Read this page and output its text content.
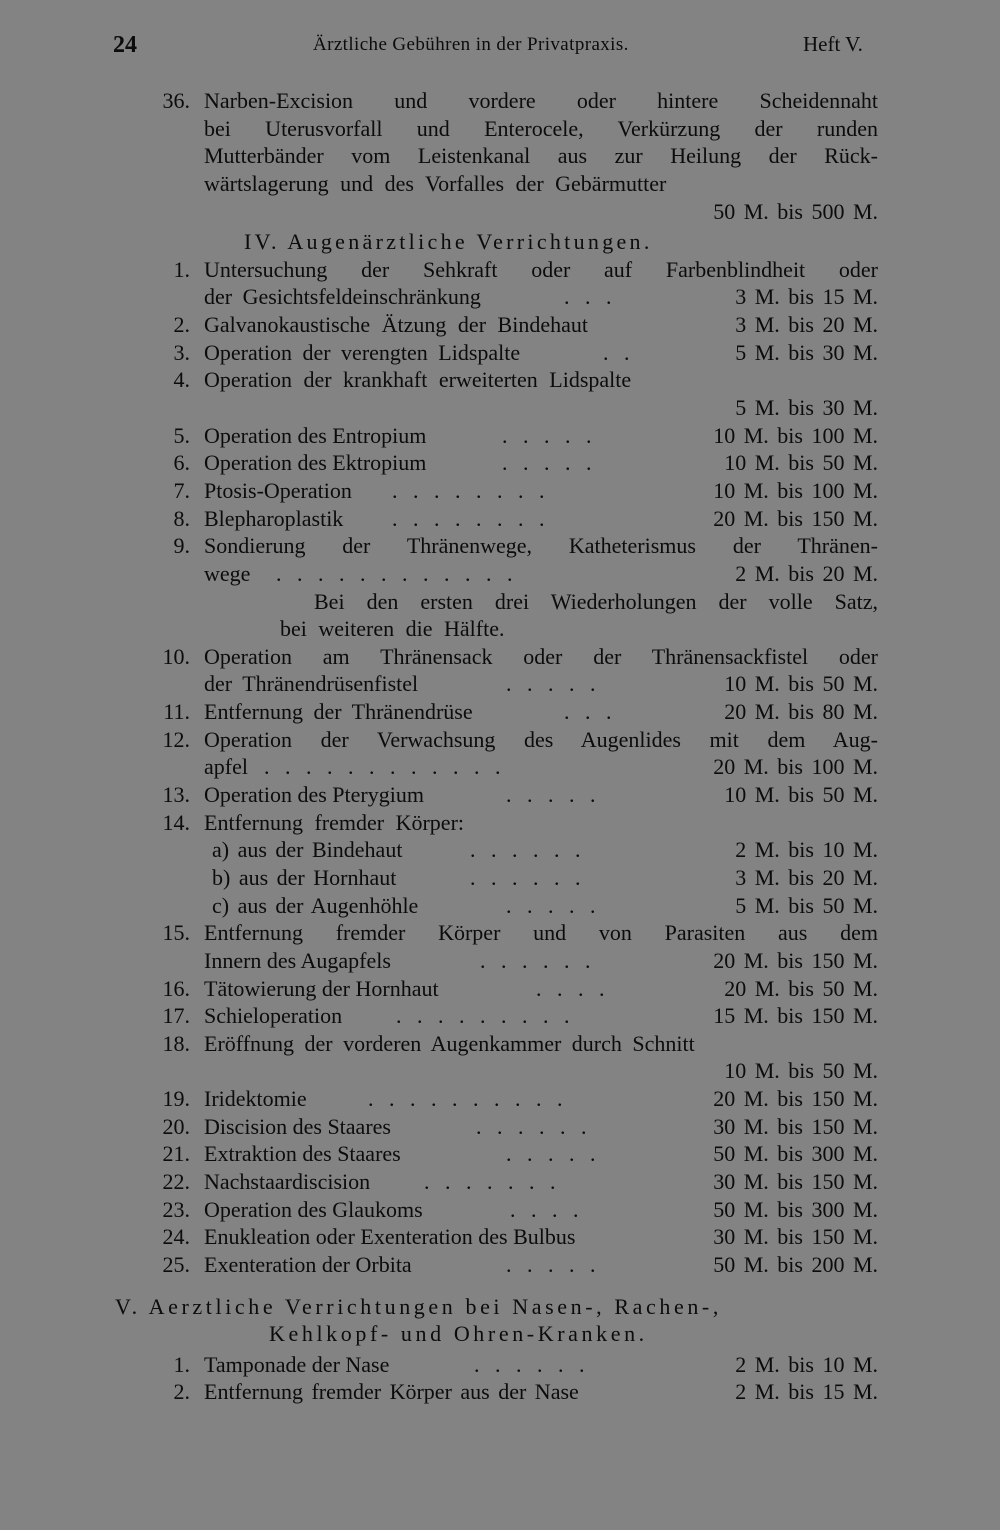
24	Ärztliche Gebühren in der Privatpraxis.	Heft V.
36. Narben-Excision und vordere oder hintere Scheidennaht
bei Uterusvorfall und Enterocele, Verkürzung der runden
Mutterbänder vom Leistenkanal aus zur Heilung der Rück-
wärtslagerung und des Vorfalles der Gebärmutter
50 M. bis 500 M.
IV. Augenärztliche Verrichtungen.
1. Untersuchung der Sehkraft oder auf Farbenblindheit oder
der Gesichtsfeldeinschränkung	. . .	3 M. bis 15 M.
2. Galvanokaustische Ätzung der Bindehaut	3 M. bis 20 M.
3. Operation der verengten Lidspalte	. .	5 M. bis 30 M.
4. Operation der krankhaft erweiterten Lidspalte
5 M. bis 30 M.
5. Operation des Entropium	. . . . .	10 M. bis 100 M.
6. Operation des Ektropium	. . . . .	10 M. bis 50 M.
7. Ptosis-Operation . . . . . . . .	10 M. bis 100 M.
8. Blepharoplastik . . . . . . . .	20 M. bis 150 M.
9. Sondierung der Thränenwege, Katheterismus der Thränen-
wege . . . . . . . . . . . .	2 M. bis 20 M.
Bei den ersten drei Wiederholungen der volle Satz,
bei weiteren die Hälfte.
10. Operation am Thränensack oder der Thränensackfistel oder
der Thränendrüsenfistel	. . . . .	10 M. bis 50 M.
11. Entfernung der Thränendrüse	. . .	20 M. bis 80 M.
12. Operation der Verwachsung des Augenlides mit dem Aug-
apfel . . . . . . . . . . . .	20 M. bis 100 M.
13. Operation des Pterygium	. . . . .	10 M. bis 50 M.
14. Entfernung fremder Körper:
a) aus der Bindehaut	. . . . . .	2 M. bis 10 M.
b) aus der Hornhaut	. . . . . .	3 M. bis 20 M.
c) aus der Augenhöhle	. . . . .	5 M. bis 50 M.
15. Entfernung fremder Körper und von Parasiten aus dem
Innern des Augapfels	. . . . . .	20 M. bis 150 M.
16. Tätowierung der Hornhaut	. . . .	20 M. bis 50 M.
17. Schieloperation . . . . . . . . .	15 M. bis 150 M.
18. Eröffnung der vorderen Augenkammer durch Schnitt
10 M. bis 50 M.
19. Iridektomie	. . . . . . . . . .	20 M. bis 150 M.
20. Discision des Staares	. . . . . .	30 M. bis 150 M.
21. Extraktion des Staares	. . . . .	50 M. bis 300 M.
22. Nachstaardiscision . . . . . . .	30 M. bis 150 M.
23. Operation des Glaukoms	. . . .	50 M. bis 300 M.
24. Enukleation oder Exenteration des Bulbus	30 M. bis 150 M.
25. Exenteration der Orbita	. . . . .	50 M. bis 200 M.
V. Aerztliche Verrichtungen bei Nasen-, Rachen-,
Kehlkopf- und Ohren-Kranken.
1. Tamponade der Nase	. . . . . .	2 M. bis 10 M.
2. Entfernung fremder Körper aus der Nase	2 M. bis 15 M.
